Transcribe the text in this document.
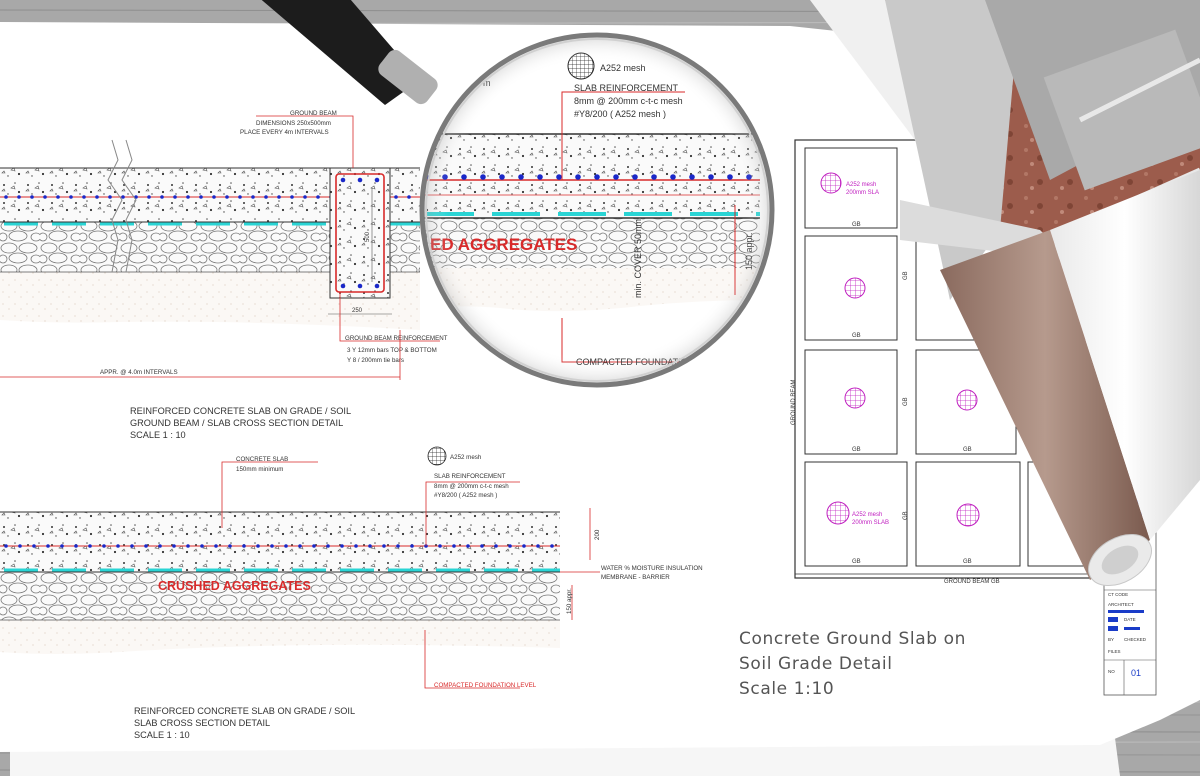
500
250
GROUND BEAM
DIMENSIONS 250x500mm
PLACE EVERY 4m INTERVALS
GROUND BEAM REINFORCEMENT
3 Y 12mm bars TOP & BOTTOM
Y 8 / 200mm tie bars
APPR. @ 4.0m INTERVALS
REINFORCED CONCRETE SLAB ON GRADE / SOIL
GROUND BEAM / SLAB CROSS SECTION DETAIL
SCALE 1 : 10
CRUSHED AGGREGATES
CONCRETE SLAB
150mm minimum
A252 mesh
SLAB REINFORCEMENT
8mm @ 200mm c-t-c mesh
#Y8/200 ( A252 mesh )
200
150 appr.
WATER % MOISTURE INSULATION
MEMBRANE - BARRIER
COMPACTED FOUNDATION LEVEL
REINFORCED CONCRETE SLAB ON GRADE / SOIL
SLAB CROSS SECTION DETAIL
SCALE 1 : 10
A252 mesh
200mm SLA
GB
GB
GB
GB
GB
GB
A252 mesh
200mm SLAB
GB
GB
GB
GROUND BEAM
GROUND BEAM GB
CT CODE
ARCHITECT
DATE
BY CHECKED
FILES
NO 01
Concrete Ground Slab on
Soil Grade Detail
Scale 1:10
